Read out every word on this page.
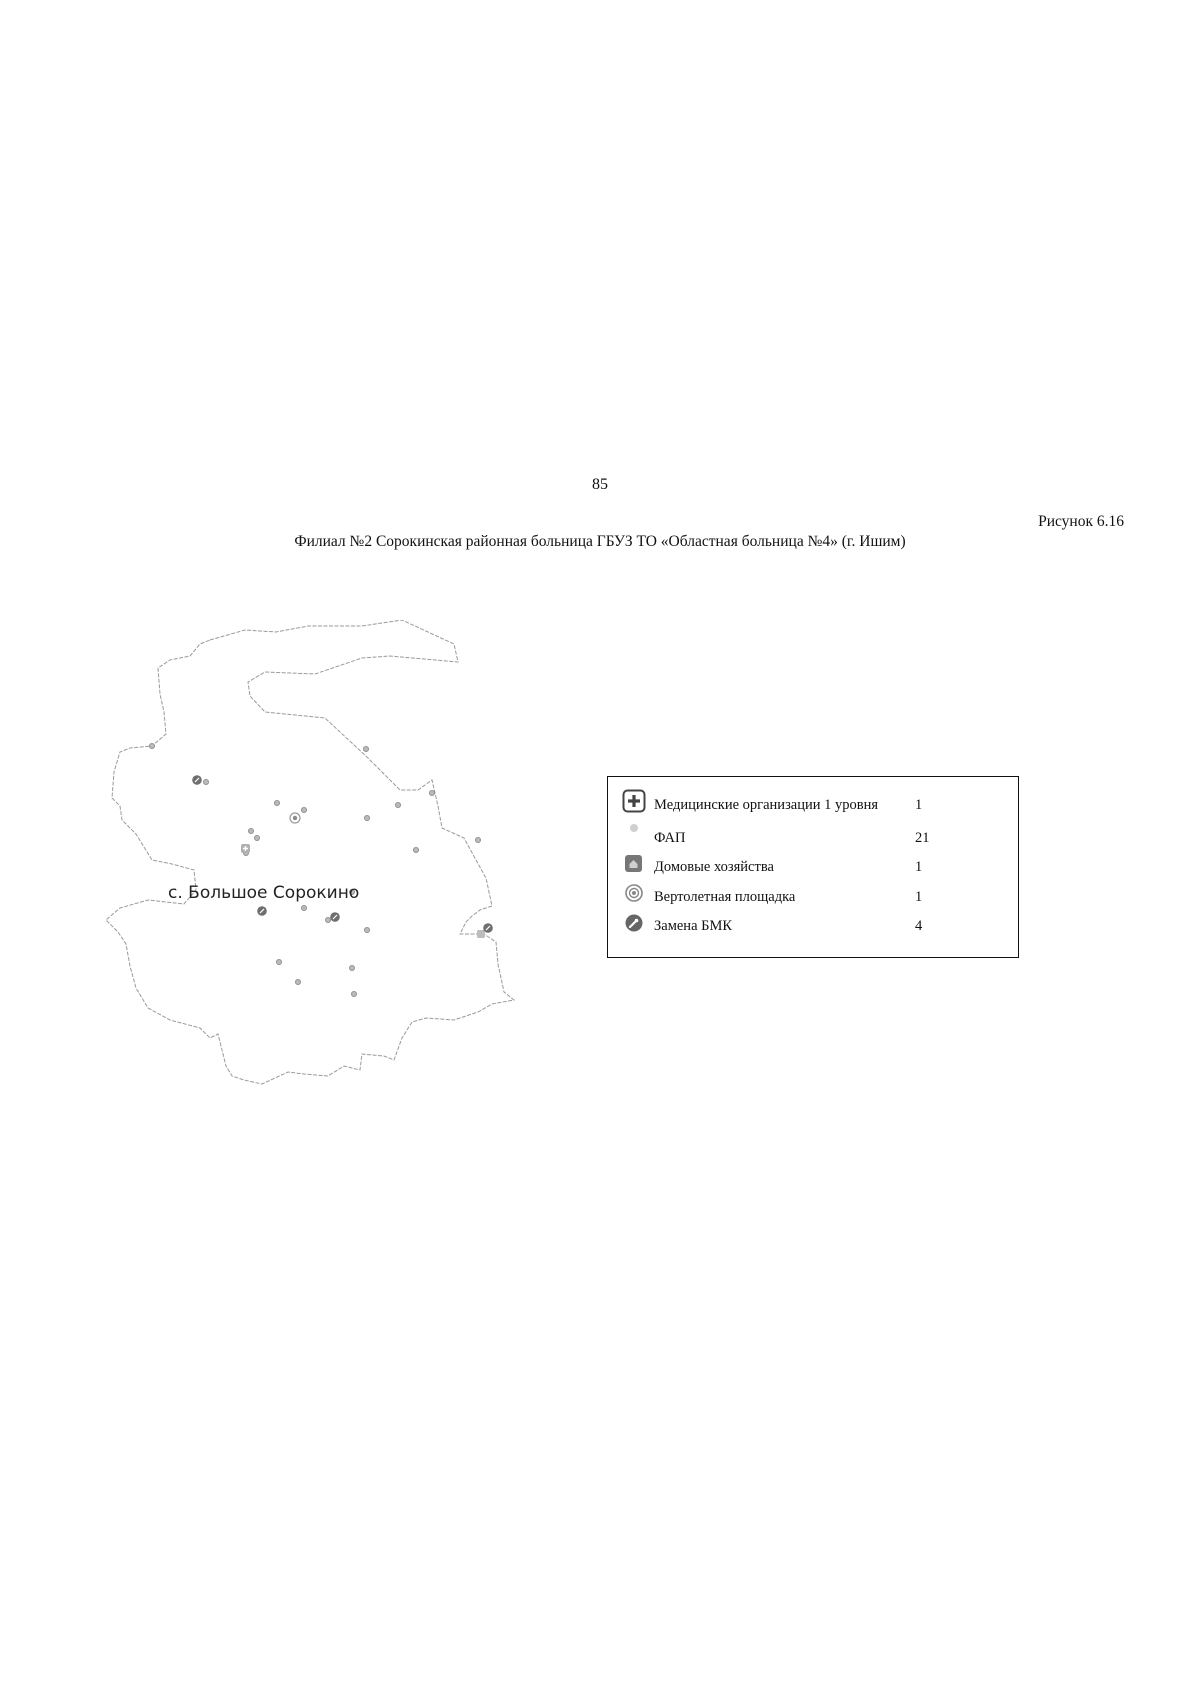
85
Рисунок 6.16
Филиал №2 Сорокинская районная больница ГБУЗ ТО «Областная больница №4» (г. Ишим)
с. Большое Сорокино
Медицинские организации 1 уровня	1
ФАП	21
Домовые хозяйства	1
Вертолетная площадка	1
Замена БМК	4
